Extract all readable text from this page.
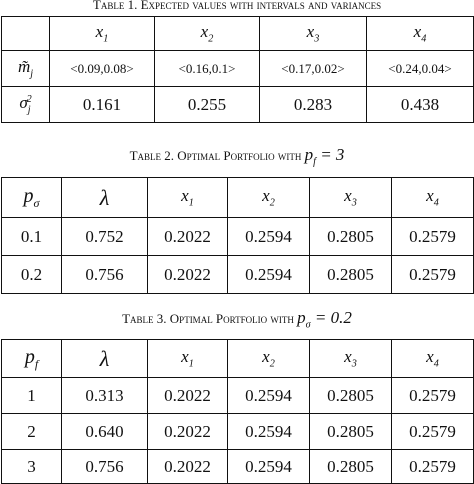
Table 1. Expected values with intervals and variances
	$x_1$	$x_2$	$x_3$	$x_4$
$m̃_j$	<0.09,0.08>	<0.16,0.1>	<0.17,0.02>	<0.24,0.04>
$\sigma_j^2$	0.161	0.255	0.283	0.438
Table 2. Optimal Portfolio with $p_f = 3$
$p_\sigma$	λ	$x_1$	$x_2$	$x_3$	$x_4$
0.1	0.752	0.2022	0.2594	0.2805	0.2579
0.2	0.756	0.2022	0.2594	0.2805	0.2579
Table 3. Optimal Portfolio with $p_\sigma = 0.2$
$p_f$	λ	$x_1$	$x_2$	$x_3$	$x_4$
1	0.313	0.2022	0.2594	0.2805	0.2579
2	0.640	0.2022	0.2594	0.2805	0.2579
3	0.756	0.2022	0.2594	0.2805	0.2579
